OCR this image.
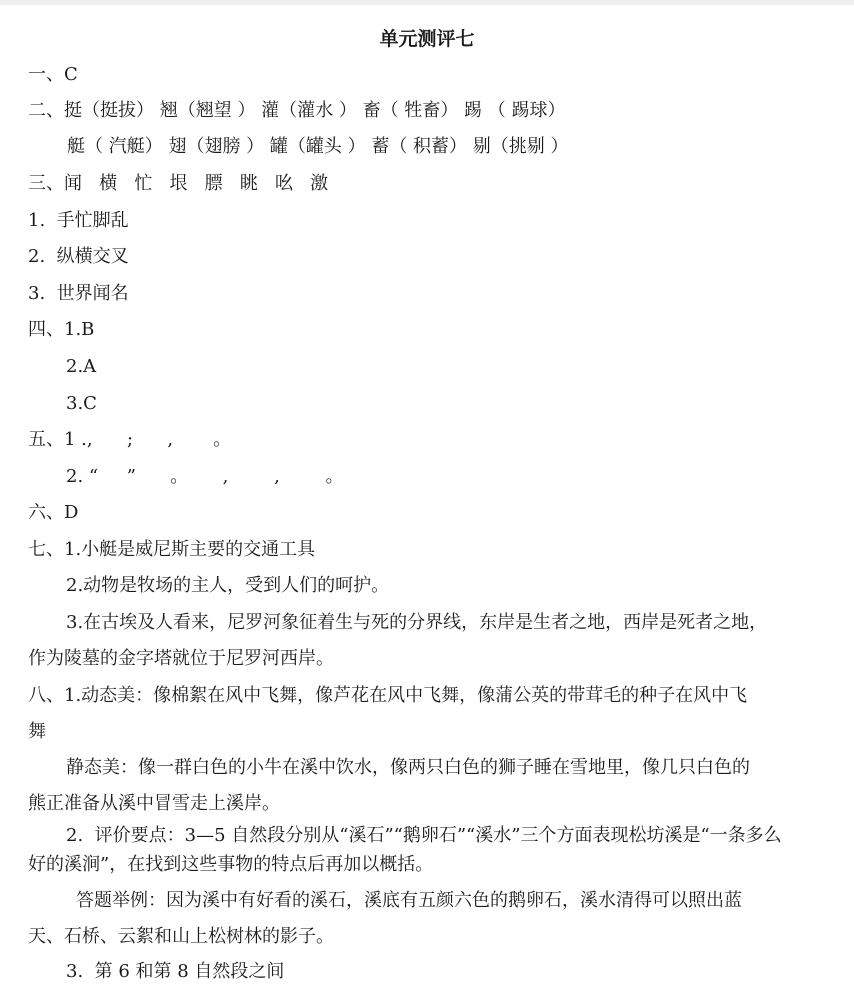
单元测评七
一、C
二、挺（挺拔） 翘（翘望 ） 灌（灌水 ） 畜（ 牲畜） 踢 （ 踢球）
艇（ 汽艇） 翅（翅膀 ） 罐（罐头 ） 蓄（ 积蓄） 剔（挑剔 ）
三、闻   横   忙   垠   膘   眺   吆   激
1.  手忙脚乱
2.  纵横交叉
3.  世界闻名
四、1.B
2.A
3.C
五、1 .,      ;      ,       。
2. “     ”      。      ,        ,        。
六、D
七、1.小艇是威尼斯主要的交通工具
2.动物是牧场的主人，受到人们的呵护。
3.在古埃及人看来，尼罗河象征着生与死的分界线，东岸是生者之地，西岸是死者之地，
作为陵墓的金字塔就位于尼罗河西岸。
八、1.动态美：像棉絮在风中飞舞，像芦花在风中飞舞，像蒲公英的带茸毛的种子在风中飞
舞
静态美：像一群白色的小牛在溪中饮水，像两只白色的狮子睡在雪地里，像几只白色的
熊正准备从溪中冒雪走上溪岸。
2.  评价要点：3—5 自然段分别从“溪石”“鹅卵石”“溪水”三个方面表现松坊溪是“一条多么
好的溪涧”，在找到这些事物的特点后再加以概括。
答题举例：因为溪中有好看的溪石，溪底有五颜六色的鹅卵石，溪水清得可以照出蓝
天、石桥、云絮和山上松树林的影子。
3.  第 6 和第 8 自然段之间
